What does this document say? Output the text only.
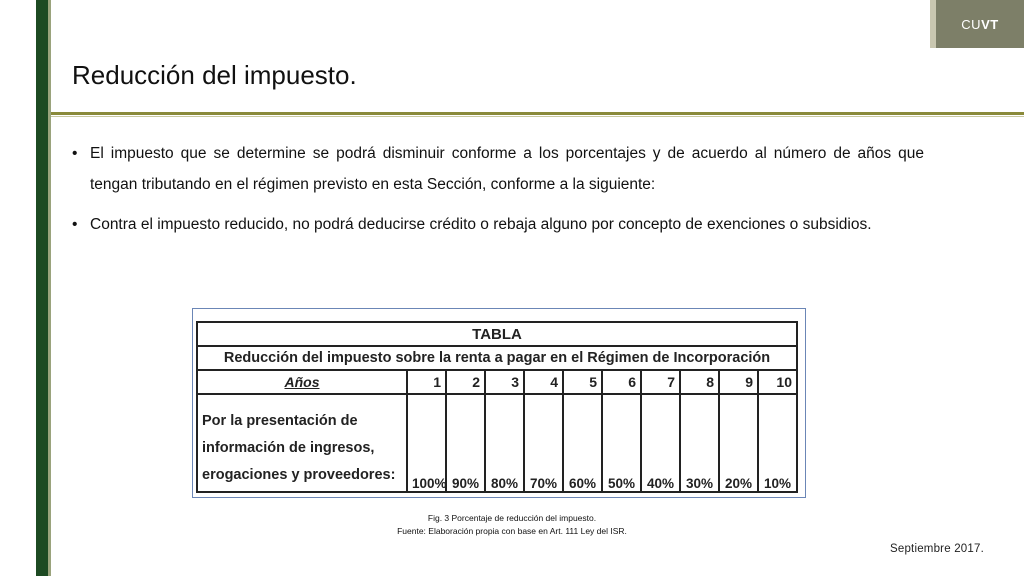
CUVT
Reducción del impuesto.
• El impuesto que se determine se podrá disminuir conforme a los porcentajes y de acuerdo al número de años que tengan tributando en el régimen previsto en esta Sección, conforme a la siguiente:
• Contra el impuesto reducido, no podrá deducirse crédito o rebaja alguno por concepto de exenciones o subsidios.
TABLA										
Reducción del impuesto sobre la renta a pagar en el Régimen de Incorporación										
Años	1	2	3	4	5	6	7	8	9	10

Por la presentación de
información de ingresos,
erogaciones y proveedores:	100%	90%	80%	70%	60%	50%	40%	30%	20%	10%
Fig. 3 Porcentaje de reducción del impuesto.
Fuente: Elaboración propia con base en Art. 111 Ley del ISR.
Septiembre 2017.
